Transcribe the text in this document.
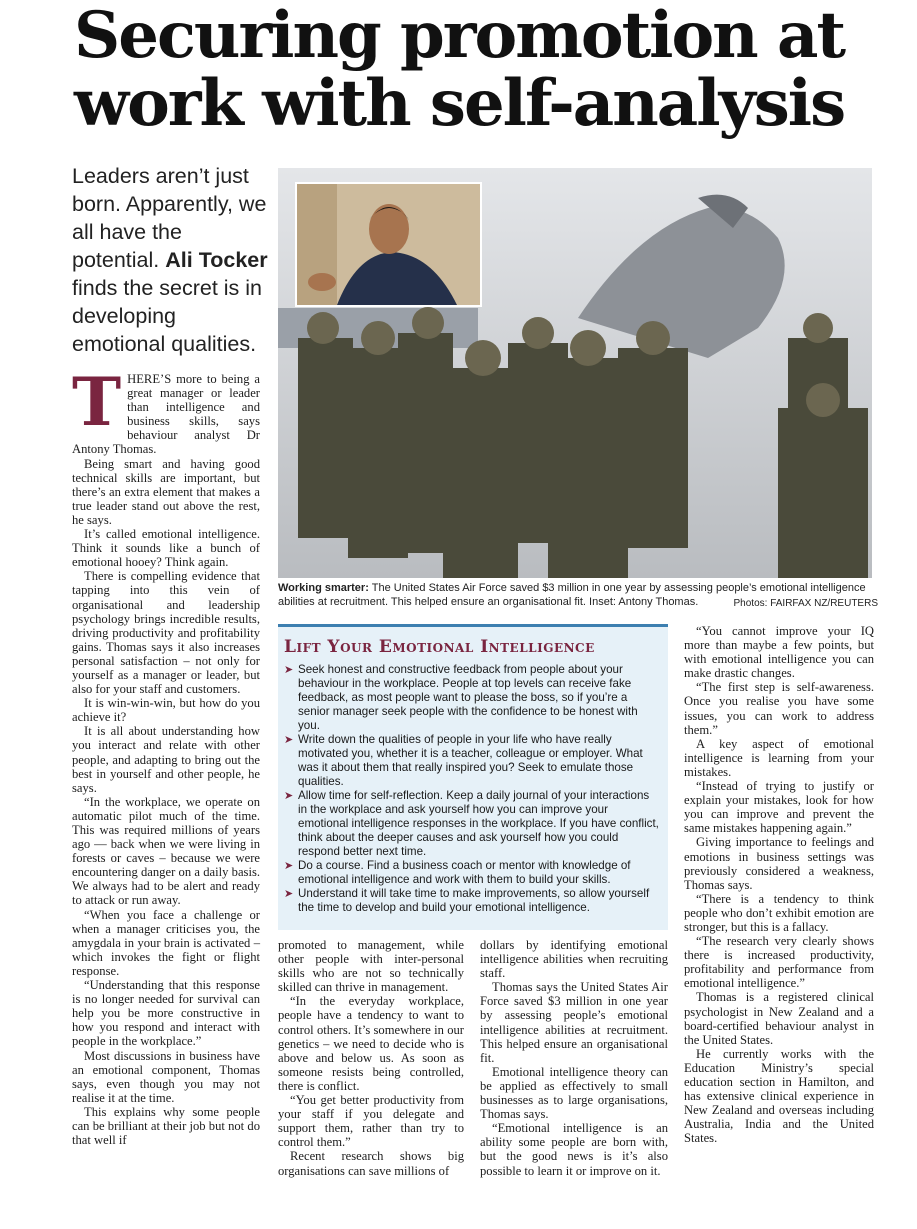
Securing promotion at work with self-analysis
Leaders aren’t just born. Apparently, we all have the potential. Ali Tocker finds the secret is in developing emotional qualities.

THERE’S more to being a great manager or leader than intelligence and business skills, says behaviour analyst Dr Antony Thomas.

Being smart and having good technical skills are important, but there’s an extra element that makes a true leader stand out above the rest, he says.

It’s called emotional intelligence. Think it sounds like a bunch of emotional hooey? Think again.

There is compelling evidence that tapping into this vein of organisational and leadership psychology brings incredible results, driving productivity and profitability gains. Thomas says it also increases personal satisfaction – not only for yourself as a manager or leader, but also for your staff and customers.

It is win-win-win, but how do you achieve it?

It is all about understanding how you interact and relate with other people, and adapting to bring out the best in yourself and other people, he says.

“In the workplace, we operate on automatic pilot much of the time. This was required millions of years ago — back when we were living in forests or caves – because we were encountering danger on a daily basis. We always had to be alert and ready to attack or run away.

“When you face a challenge or when a manager criticises you, the amygdala in your brain is activated – which invokes the fight or flight response.

“Understanding that this response is no longer needed for survival can help you be more constructive in how you respond and interact with people in the workplace.”

Most discussions in business have an emotional component, Thomas says, even though you may not realise it at the time.

This explains why some people can be brilliant at their job but not do that well if

Working smarter: The United States Air Force saved $3 million in one year by assessing people’s emotional intelligence abilities at recruitment. This helped ensure an organisational fit. Inset: Antony Thomas.	Photos: FAIRFAX NZ/REUTERS
Lift Your Emotional Intelligence
➤ Seek honest and constructive feedback from people about your behaviour in the workplace. People at top levels can receive fake feedback, as most people want to please the boss, so if you’re a senior manager seek people with the confidence to be honest with you.
➤ Write down the qualities of people in your life who have really motivated you, whether it is a teacher, colleague or employer. What was it about them that really inspired you? Seek to emulate those qualities.
➤ Allow time for self-reflection. Keep a daily journal of your interactions in the workplace and ask yourself how you can improve your emotional intelligence responses in the workplace. If you have conflict, think about the deeper causes and ask yourself how you could respond better next time.
➤ Do a course. Find a business coach or mentor with knowledge of emotional intelligence and work with them to build your skills.
➤ Understand it will take time to make improvements, so allow yourself the time to develop and build your emotional intelligence.

promoted to management, while other people with inter-personal skills who are not so technically skilled can thrive in management.

“In the everyday workplace, people have a tendency to want to control others. It’s somewhere in our genetics – we need to decide who is above and below us. As soon as someone resists being controlled, there is conflict.

“You get better productivity from your staff if you delegate and support them, rather than try to control them.”

Recent research shows big organisations can save millions of

dollars by identifying emotional intelligence abilities when recruiting staff.

Thomas says the United States Air Force saved $3 million in one year by assessing people’s emotional intelligence abilities at recruitment. This helped ensure an organisational fit.

Emotional intelligence theory can be applied as effectively to small businesses as to large organisations, Thomas says.

“Emotional intelligence is an ability some people are born with, but the good news is it’s also possible to learn it or improve on it.

“You cannot improve your IQ more than maybe a few points, but with emotional intelligence you can make drastic changes.

“The first step is self-awareness. Once you realise you have some issues, you can work to address them.”

A key aspect of emotional intelligence is learning from your mistakes.

“Instead of trying to justify or explain your mistakes, look for how you can improve and prevent the same mistakes happening again.”

Giving importance to feelings and emotions in business settings was previously considered a weakness, Thomas says.

“There is a tendency to think people who don’t exhibit emotion are stronger, but this is a fallacy.

“The research very clearly shows there is increased productivity, profitability and performance from emotional intelligence.”

Thomas is a registered clinical psychologist in New Zealand and a board-certified behaviour analyst in the United States.

He currently works with the Education Ministry’s special education section in Hamilton, and has extensive clinical experience in New Zealand and overseas including Australia, India and the United States.
